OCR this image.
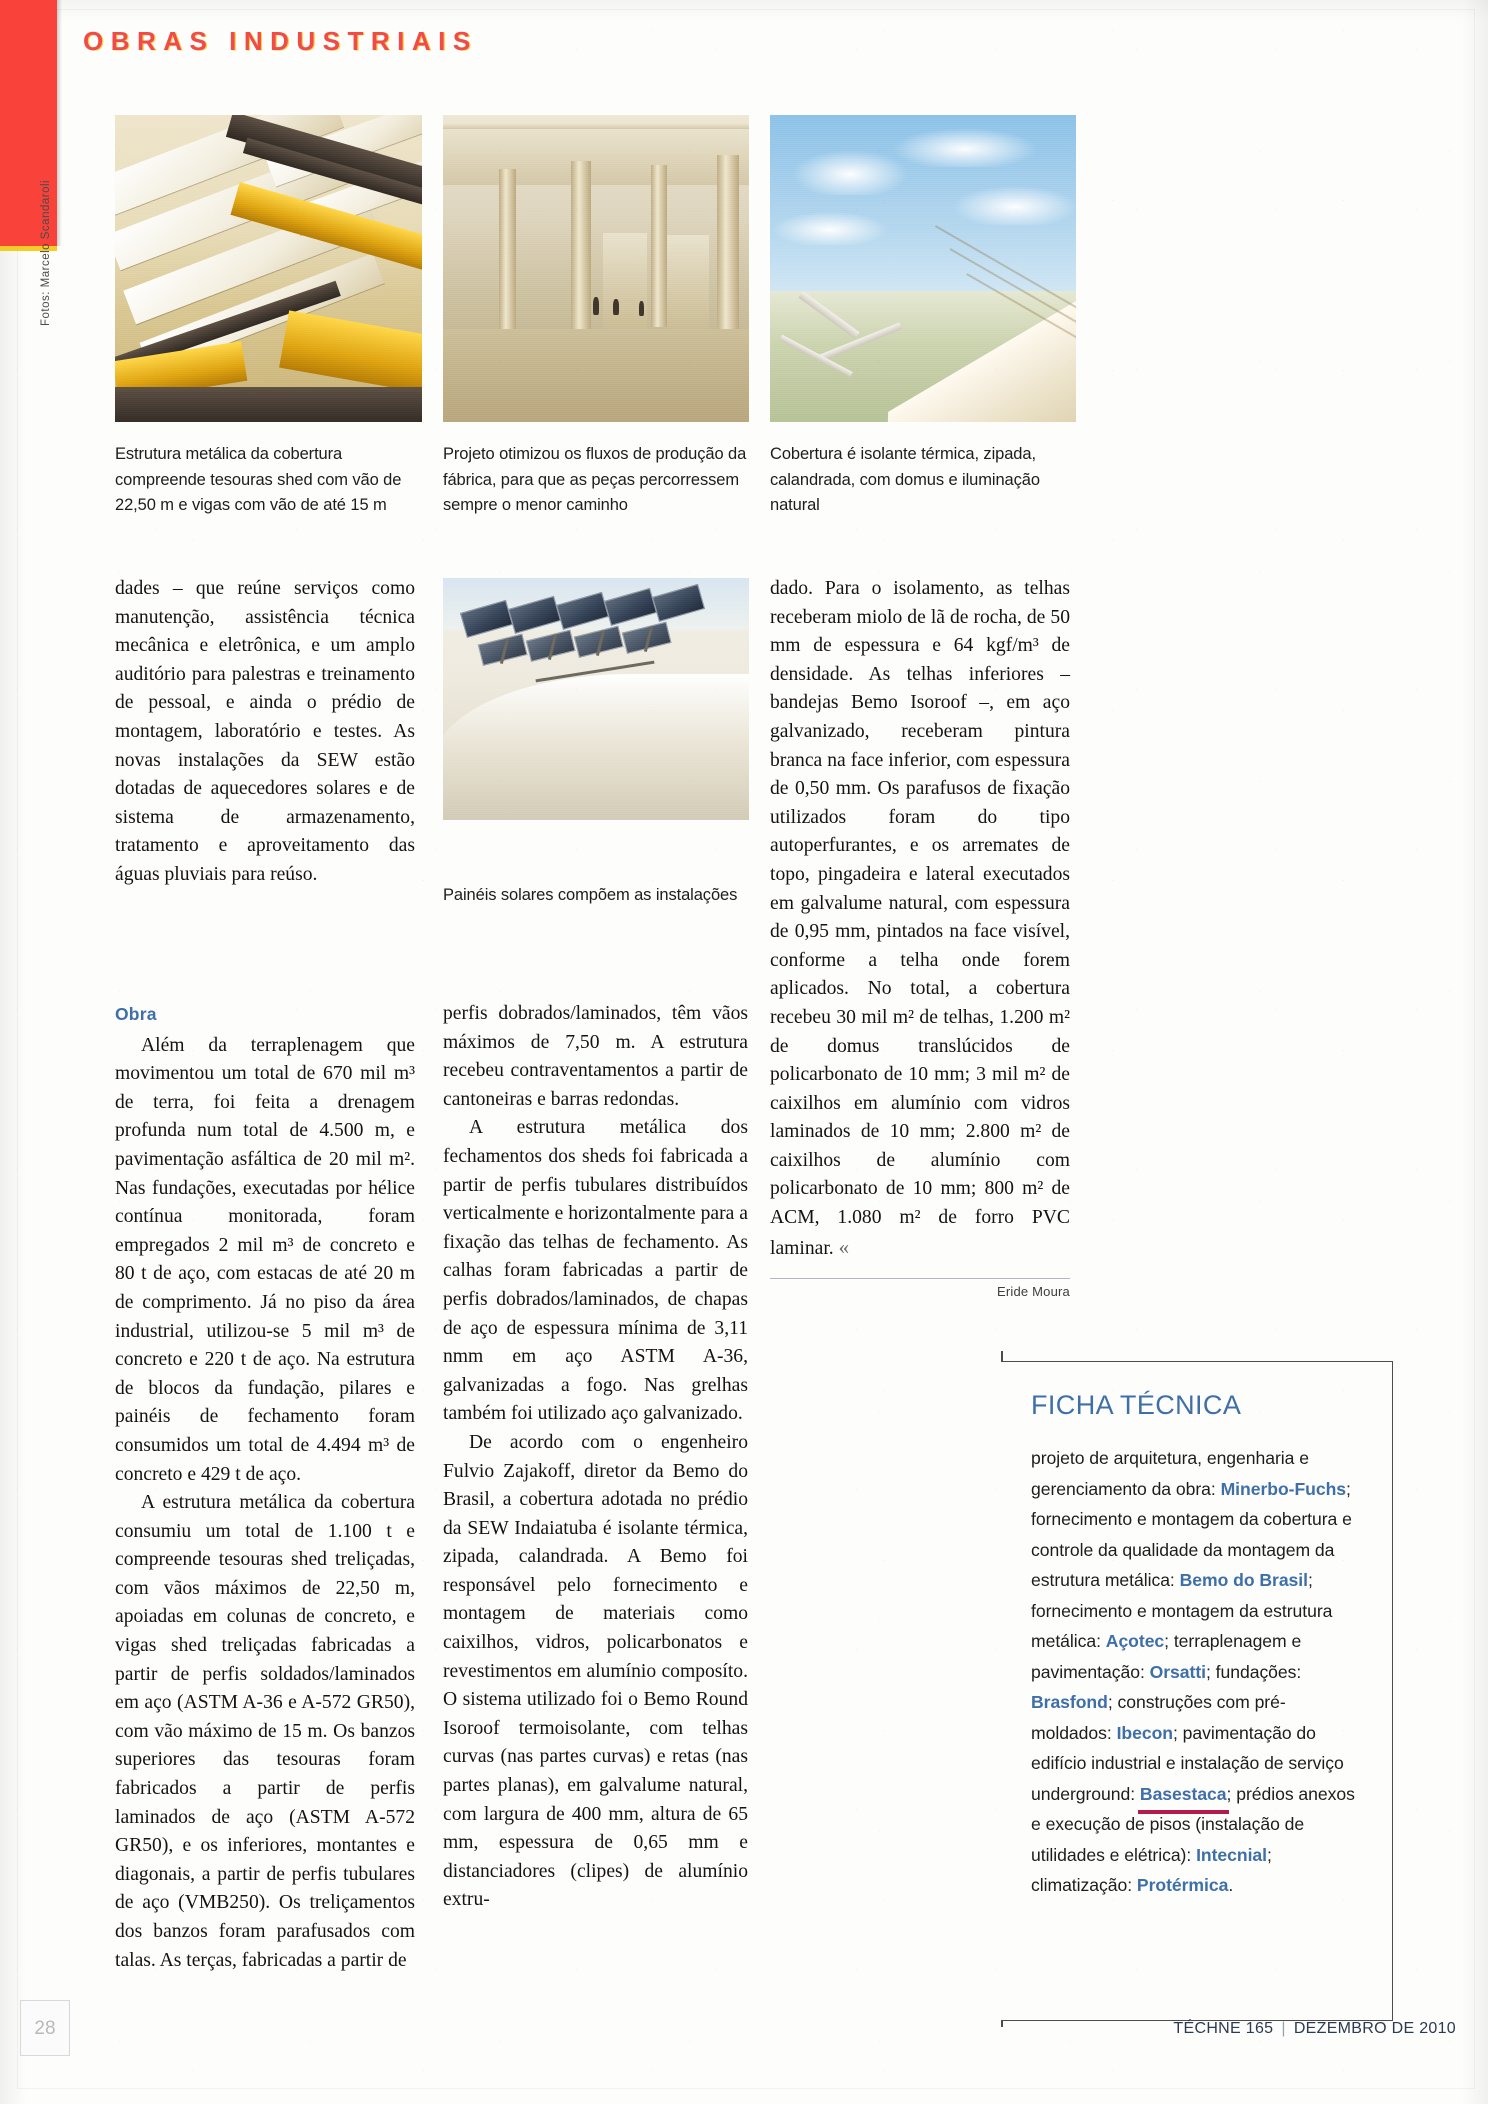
OBRAS INDUSTRIAIS
Fotos: Marcelo Scandaroli
Estrutura metálica da cobertura compreende tesouras shed com vão de 22,50 m e vigas com vão de até 15 m
Projeto otimizou os fluxos de produção da fábrica, para que as peças percorressem sempre o menor caminho
Cobertura é isolante térmica, zipada, calandrada, com domus e iluminação natural
Painéis solares compõem as instalações

dades – que reúne serviços como manutenção, assistência técnica mecânica e eletrônica, e um amplo auditório para palestras e treinamento de pessoal, e ainda o prédio de montagem, laboratório e testes. As novas instalações da SEW estão dotadas de aquecedores solares e de sistema de armazenamento, tratamento e aproveitamento das águas pluviais para reúso.

Obra

Além da terraplenagem que movimentou um total de 670 mil m³ de terra, foi feita a drenagem profunda num total de 4.500 m, e pavimentação asfáltica de 20 mil m². Nas fundações, executadas por hélice contínua monitorada, foram empregados 2 mil m³ de concreto e 80 t de aço, com estacas de até 20 m de comprimento. Já no piso da área industrial, utilizou-se 5 mil m³ de concreto e 220 t de aço. Na estrutura de blocos da fundação, pilares e painéis de fechamento foram consumidos um total de 4.494 m³ de concreto e 429 t de aço.

A estrutura metálica da cobertura consumiu um total de 1.100 t e compreende tesouras shed treliçadas, com vãos máximos de 22,50 m, apoiadas em colunas de concreto, e vigas shed treliçadas fabricadas a partir de perfis soldados/laminados em aço (ASTM A-36 e A-572 GR50), com vão máximo de 15 m. Os banzos superiores das tesouras foram fabricados a partir de perfis laminados de aço (ASTM A-572 GR50), e os inferiores, montantes e diagonais, a partir de perfis tubulares de aço (VMB250). Os treliçamentos dos banzos foram parafusados com talas. As terças, fabricadas a partir de

perfis dobrados/laminados, têm vãos máximos de 7,50 m. A estrutura recebeu contraventamentos a partir de cantoneiras e barras redondas.

A estrutura metálica dos fechamentos dos sheds foi fabricada a partir de perfis tubulares distribuídos verticalmente e horizontalmente para a fixação das telhas de fechamento. As calhas foram fabricadas a partir de perfis dobrados/laminados, de chapas de aço de espessura mínima de 3,11 nmm em aço ASTM A-36, galvanizadas a fogo. Nas grelhas também foi utilizado aço galvanizado.

De acordo com o engenheiro Fulvio Zajakoff, diretor da Bemo do Brasil, a cobertura adotada no prédio da SEW Indaiatuba é isolante térmica, zipada, calandrada. A Bemo foi responsável pelo fornecimento e montagem de materiais como caixilhos, vidros, policarbonatos e revestimentos em alumínio composíto. O sistema utilizado foi o Bemo Round Isoroof termoisolante, com telhas curvas (nas partes curvas) e retas (nas partes planas), em galvalume natural, com largura de 400 mm, altura de 65 mm, espessura de 0,65 mm e distanciadores (clipes) de alumínio extru-

dado. Para o isolamento, as telhas receberam miolo de lã de rocha, de 50 mm de espessura e 64 kgf/m³ de densidade. As telhas inferiores – bandejas Bemo Isoroof –, em aço galvanizado, receberam pintura branca na face inferior, com espessura de 0,50 mm. Os parafusos de fixação utilizados foram do tipo autoperfurantes, e os arremates de topo, pingadeira e lateral executados em galvalume natural, com espessura de 0,95 mm, pintados na face visível, conforme a telha onde forem aplicados. No total, a cobertura recebeu 30 mil m² de telhas, 1.200 m² de domus translúcidos de policarbonato de 10 mm; 3 mil m² de caixilhos em alumínio com vidros laminados de 10 mm; 2.800 m² de caixilhos de alumínio com policarbonato de 10 mm; 800 m² de ACM, 1.080 m² de forro PVC laminar. «

Eride Moura
FICHA TÉCNICA
projeto de arquitetura, engenharia e gerenciamento da obra: Minerbo-Fuchs; fornecimento e montagem da cobertura e controle da qualidade da montagem da estrutura metálica: Bemo do Brasil; fornecimento e montagem da estrutura metálica: Açotec; terraplenagem e pavimentação: Orsatti; fundações: Brasfond; construções com pré-moldados: Ibecon; pavimentação do edifício industrial e instalação de serviço underground: Basestaca; prédios anexos e execução de pisos (instalação de utilidades e elétrica): Intecnial; climatização: Protérmica.
28	TÉCHNE 165 | DEZEMBRO DE 2010
